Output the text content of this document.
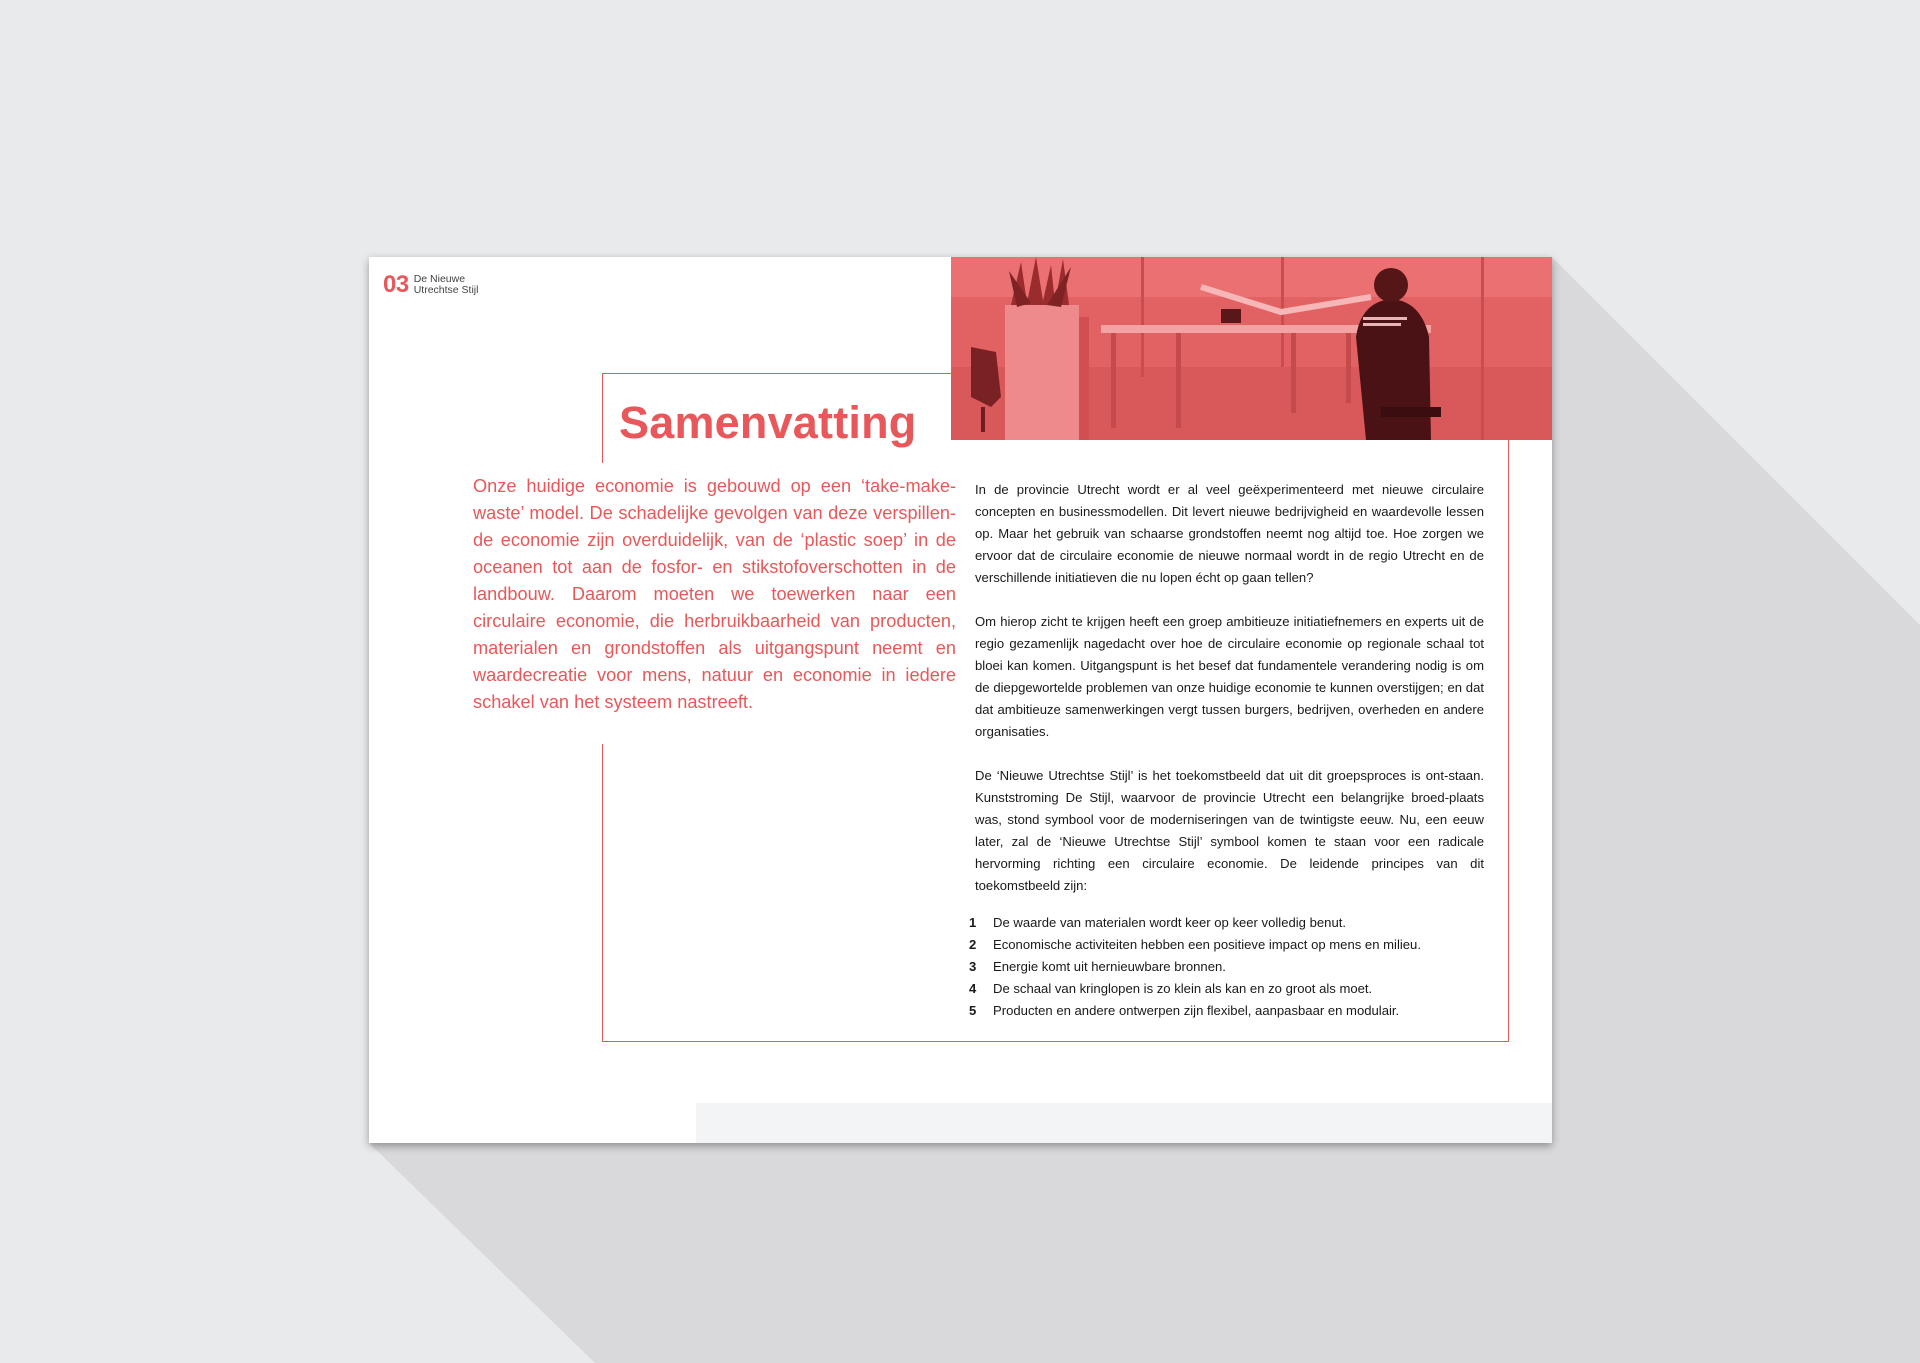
03 De Nieuwe
Utrechtse Stijl
Samenvatting

Onze huidige economie is gebouwd op een ‘take-make-waste’ model. De schadelijke gevolgen van deze verspillen-de economie zijn overduidelijk, van de ‘plastic soep’ in de oceanen tot aan de fosfor- en stikstofoverschotten in de landbouw. Daarom moeten we toewerken naar een circulaire economie, die herbruikbaarheid van producten, materialen en grondstoffen als uitgangspunt neemt en waardecreatie voor mens, natuur en economie in iedere schakel van het systeem nastreeft.

In de provincie Utrecht wordt er al veel geëxperimenteerd met nieuwe circulaire concepten en businessmodellen. Dit levert nieuwe bedrijvigheid en waardevolle lessen op. Maar het gebruik van schaarse grondstoffen neemt nog altijd toe. Hoe zorgen we ervoor dat de circulaire economie de nieuwe normaal wordt in de regio Utrecht en de verschillende initiatieven die nu lopen écht op gaan tellen?

Om hierop zicht te krijgen heeft een groep ambitieuze initiatiefnemers en experts uit de regio gezamenlijk nagedacht over hoe de circulaire economie op regionale schaal tot bloei kan komen. Uitgangspunt is het besef dat fundamentele verandering nodig is om de diepgewortelde problemen van onze huidige economie te kunnen overstijgen; en dat dat ambitieuze samenwerkingen vergt tussen burgers, bedrijven, overheden en andere organisaties.

De ‘Nieuwe Utrechtse Stijl’ is het toekomstbeeld dat uit dit groepsproces is ont-staan. Kunststroming De Stijl, waarvoor de provincie Utrecht een belangrijke broed-plaats was, stond symbool voor de moderniseringen van de twintigste eeuw. Nu, een eeuw later, zal de ‘Nieuwe Utrechtse Stijl’ symbool komen te staan voor een radicale hervorming richting een circulaire economie. De leidende principes van dit toekomstbeeld zijn:

1	De waarde van materialen wordt keer op keer volledig benut.
2	Economische activiteiten hebben een positieve impact op mens en milieu.
3	Energie komt uit hernieuwbare bronnen.
4	De schaal van kringlopen is zo klein als kan en zo groot als moet.
5	Producten en andere ontwerpen zijn flexibel, aanpasbaar en modulair.
